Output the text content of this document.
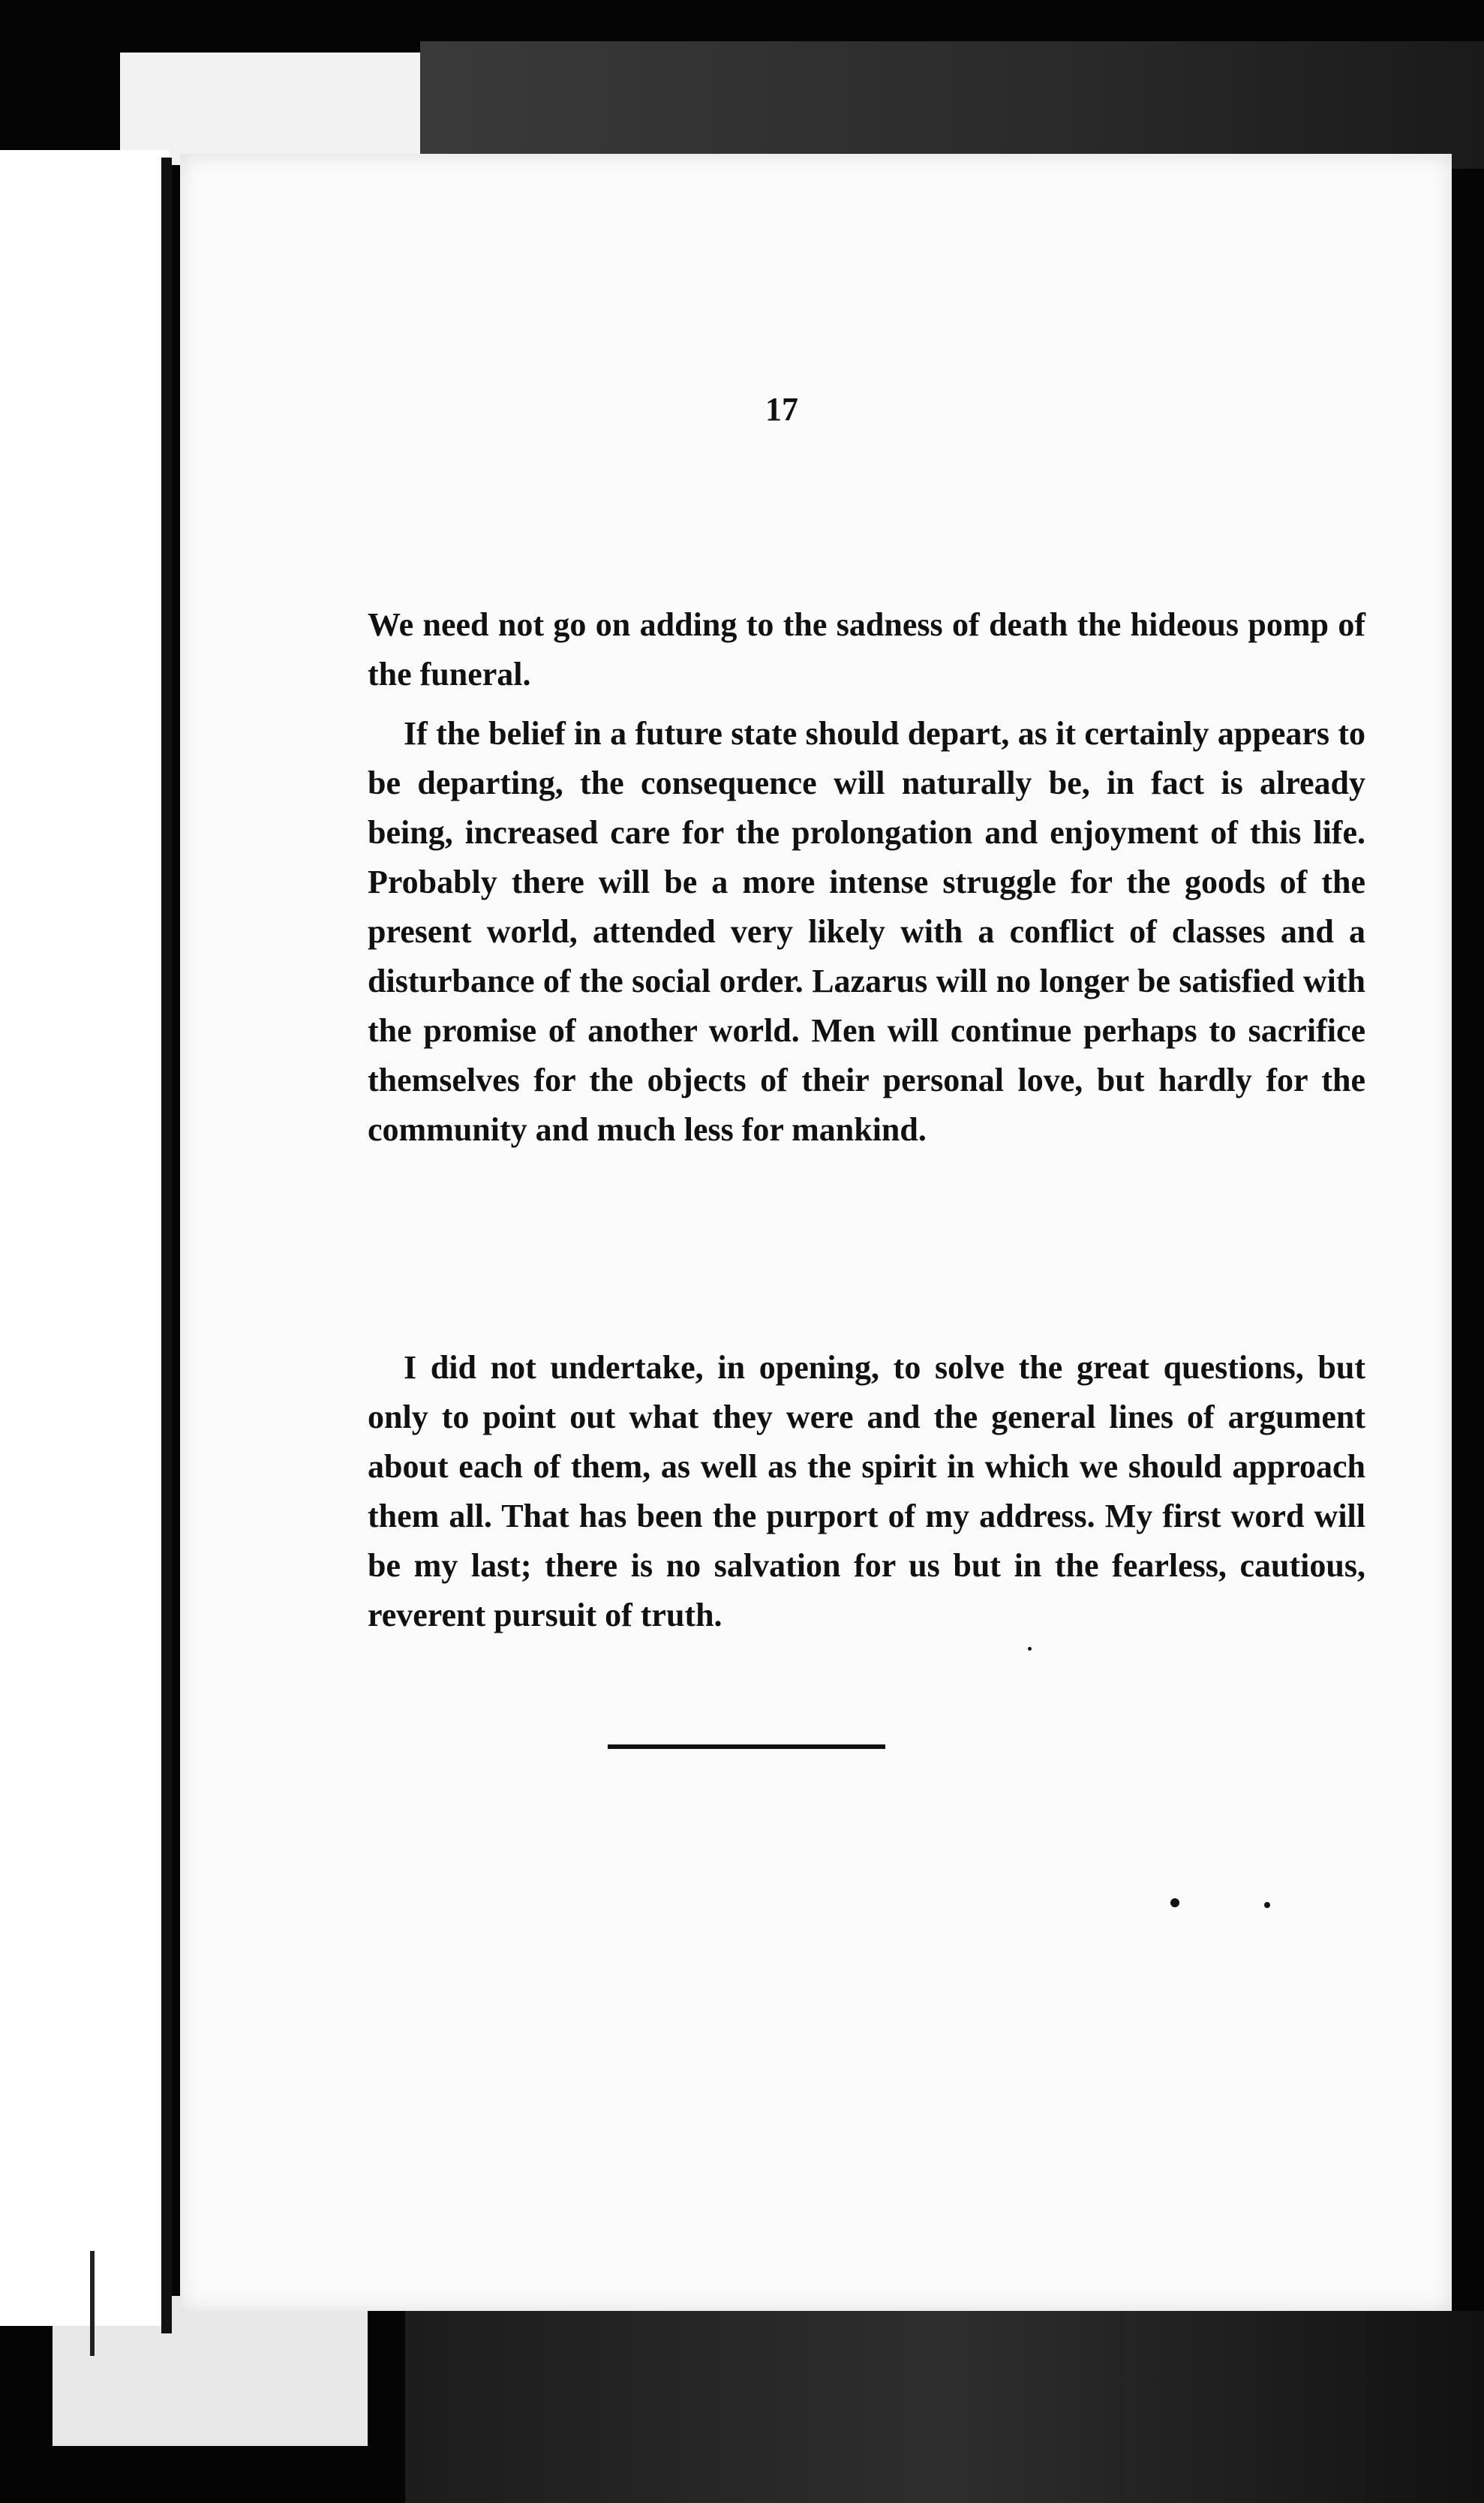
17

We need not go on adding to the sadness of death the hideous pomp of the funeral.

If the belief in a future state should depart, as it certainly appears to be departing, the consequence will naturally be, in fact is already being, increased care for the prolongation and enjoyment of this life. Probably there will be a more intense struggle for the goods of the present world, attended very likely with a conflict of classes and a disturbance of the social order. Lazarus will no longer be satisfied with the promise of another world. Men will continue perhaps to sacrifice themselves for the objects of their personal love, but hardly for the community and much less for mankind.

I did not undertake, in opening, to solve the great questions, but only to point out what they were and the general lines of argument about each of them, as well as the spirit in which we should approach them all. That has been the purport of my address. My first word will be my last; there is no salvation for us but in the fearless, cautious, reverent pursuit of truth.
